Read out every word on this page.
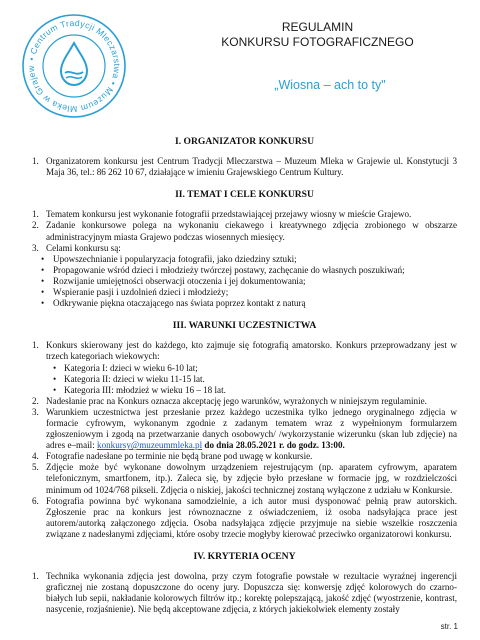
• Centrum Tradycji Mleczarstwa • Muzeum Mleka w Grajew
REGULAMIN
KONKURSU FOTOGRAFICZNEGO
„Wiosna – ach to ty"
I. ORGANIZATOR KONKURSU
1. Organizatorem konkursu jest Centrum Tradycji Mleczarstwa – Muzeum Mleka w Grajewie ul. Konstytucji 3 Maja 36, tel.: 86 262 10 67, działające w imieniu Grajewskiego Centrum Kultury.
II. TEMAT I CELE KONKURSU
1. Tematem konkursu jest wykonanie fotografii przedstawiającej przejawy wiosny w mieście Grajewo.
2. Zadanie konkursowe polega na wykonaniu ciekawego i kreatywnego zdjęcia zrobionego w obszarze administracyjnym miasta Grajewo podczas wiosennych miesięcy.
3. Celami konkursu są:
• Upowszechnianie i popularyzacja fotografii, jako dziedziny sztuki;
• Propagowanie wśród dzieci i młodzieży twórczej postawy, zachęcanie do własnych poszukiwań;
• Rozwijanie umiejętności obserwacji otoczenia i jej dokumentowania;
• Wspieranie pasji i uzdolnień dzieci i młodzieży;
• Odkrywanie piękna otaczającego nas świata poprzez kontakt z naturą
III. WARUNKI UCZESTNICTWA
1. Konkurs skierowany jest do każdego, kto zajmuje się fotografią amatorsko. Konkurs przeprowadzany jest w trzech kategoriach wiekowych:
• Kategoria I: dzieci w wieku 6-10 lat;
• Kategoria II: dzieci w wieku 11-15 lat.
• Kategoria III: młodzież w wieku 16 – 18 lat.
2. Nadesłanie prac na Konkurs oznacza akceptację jego warunków, wyrażonych w niniejszym regulaminie.
3. Warunkiem uczestnictwa jest przesłanie przez każdego uczestnika tylko jednego oryginalnego zdjęcia w formacie cyfrowym, wykonanym zgodnie z zadanym tematem wraz z wypełnionym formularzem zgłoszeniowym i zgodą na przetwarzanie danych osobowych/ /wykorzystanie wizerunku (skan lub zdjęcie) na adres e–mail: konkursy@muzeummleka.pl do dnia 28.05.2021 r. do godz. 13:00.
4. Fotografie nadesłane po terminie nie będą brane pod uwagę w konkursie.
5. Zdjęcie może być wykonane dowolnym urządzeniem rejestrującym (np. aparatem cyfrowym, aparatem telefonicznym, smartfonem, itp.). Zaleca się, by zdjęcie było przesłane w formacie jpg, w rozdzielczości minimum od 1024/768 pikseli. Zdjęcia o niskiej, jakości technicznej zostaną wyłączone z udziału w Konkursie.
6. Fotografia powinna być wykonana samodzielnie, a ich autor musi dysponować pełnią praw autorskich. Zgłoszenie prac na konkurs jest równoznaczne z oświadczeniem, iż osoba nadsyłająca prace jest autorem/autorką załączonego zdjęcia. Osoba nadsyłająca zdjęcie przyjmuje na siebie wszelkie roszczenia związane z nadesłanymi zdjęciami, które osoby trzecie mogłyby kierować przeciwko organizatorowi konkursu.
IV. KRYTERIA OCENY
1. Technika wykonania zdjęcia jest dowolna, przy czym fotografie powstałe w rezultacie wyraźnej ingerencji graficznej nie zostaną dopuszczone do oceny jury. Dopuszcza się: konwersję zdjęć kolorowych do czarno-białych lub sepii, nakładanie kolorowych filtrów itp.; korektę polepszającą, jakość zdjęć (wyostrzenie, kontrast, nasycenie, rozjaśnienie). Nie będą akceptowane zdjęcia, z których jakiekolwiek elementy zostały
str. 1
